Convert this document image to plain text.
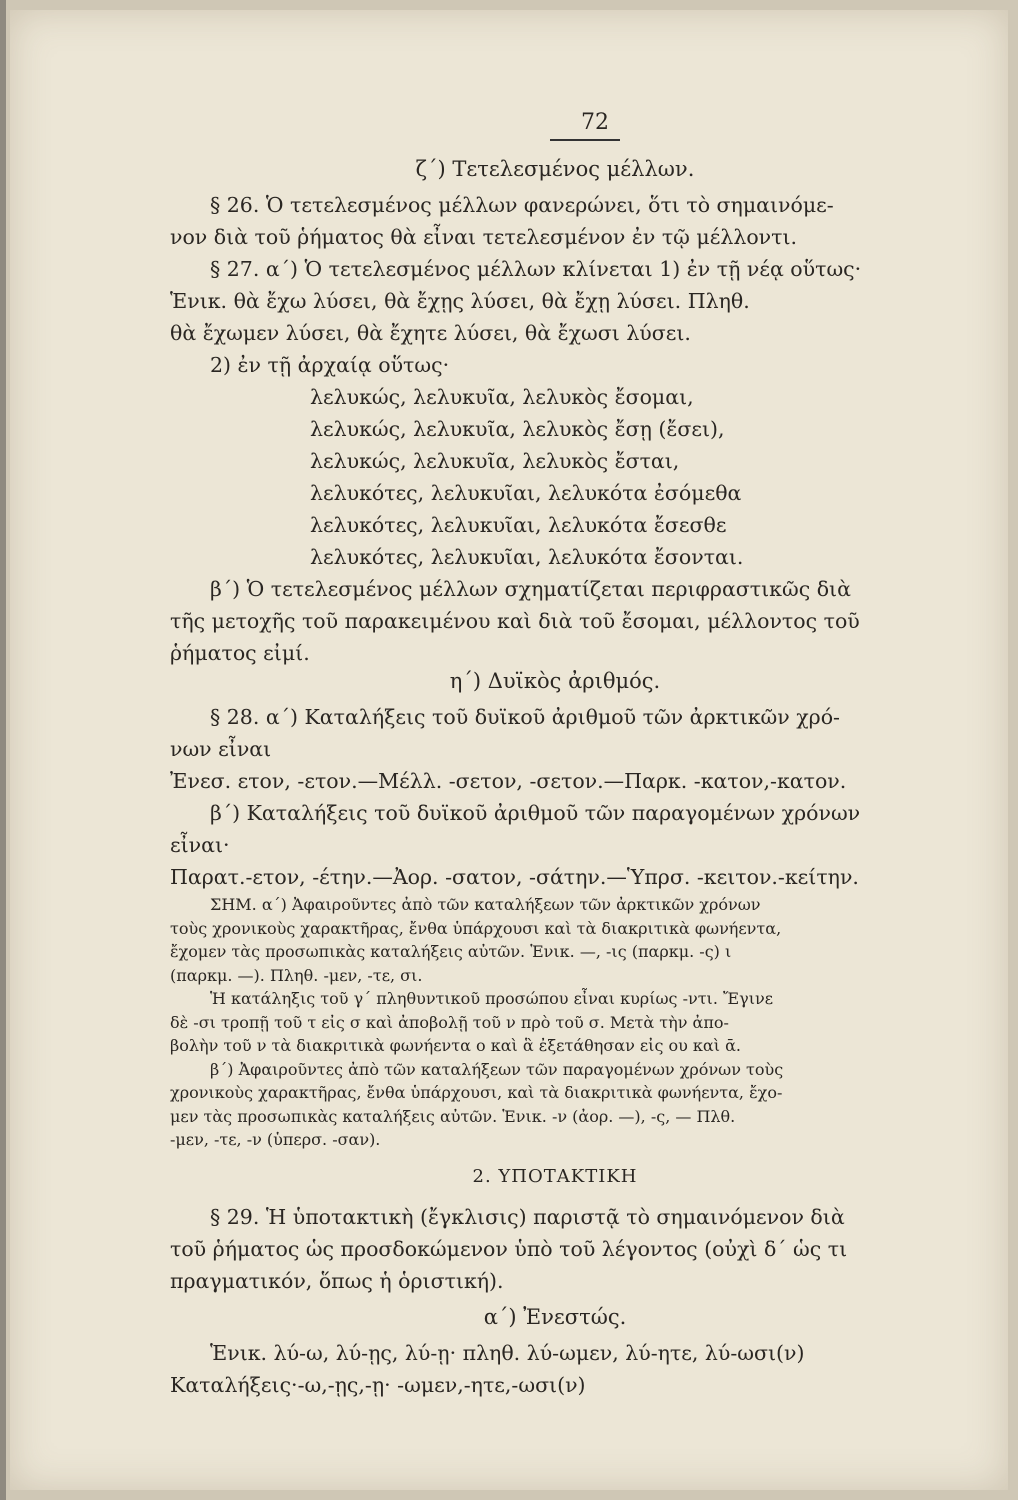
72
ζ΄) Τετελεσμένος μέλλων.
§ 26. Ὁ τετελεσμένος μέλλων φανερώνει, ὅτι τὸ σημαινόμε-
νον διὰ τοῦ ῥήματος θὰ εἶναι τετελεσμένον ἐν τῷ μέλλοντι.
§ 27. α΄) Ὁ τετελεσμένος μέλλων κλίνεται 1) ἐν τῇ νέᾳ οὕτως·
Ἑνικ. θὰ ἔχω λύσει, θὰ ἔχῃς λύσει, θὰ ἔχῃ λύσει. Πληθ.
θὰ ἔχωμεν λύσει, θὰ ἔχητε λύσει, θὰ ἔχωσι λύσει.
2) ἐν τῇ ἀρχαίᾳ οὕτως·
λελυκώς, λελυκυῖα, λελυκὸς ἔσομαι,
λελυκώς, λελυκυῖα, λελυκὸς ἔσῃ (ἔσει),
λελυκώς, λελυκυῖα, λελυκὸς ἔσται,
λελυκότες, λελυκυῖαι, λελυκότα ἐσόμεθα
λελυκότες, λελυκυῖαι, λελυκότα ἔσεσθε
λελυκότες, λελυκυῖαι, λελυκότα ἔσονται.
β΄) Ὁ τετελεσμένος μέλλων σχηματίζεται περιφραστικῶς διὰ
τῆς μετοχῆς τοῦ παρακειμένου καὶ διὰ τοῦ ἔσομαι, μέλλοντος τοῦ
ῥήματος εἰμί.
η΄) Δυϊκὸς ἀριθμός.
§ 28. α΄) Καταλήξεις τοῦ δυϊκοῦ ἀριθμοῦ τῶν ἀρκτικῶν χρό-
νων εἶναι
Ἐνεσ. ετον, -ετον.—Μέλλ. -σετον, -σετον.—Παρκ. -κατον,-κατον.
β΄) Καταλήξεις τοῦ δυϊκοῦ ἀριθμοῦ τῶν παραγομένων χρόνων
εἶναι·
Παρατ.-ετον, -έτην.—Ἀορ. -σατον, -σάτην.—Ὑπρσ. -κειτον.-κείτην.
ΣΗΜ. α΄) Ἀφαιροῦντες ἀπὸ τῶν καταλήξεων τῶν ἀρκτικῶν χρόνων
τοὺς χρονικοὺς χαρακτῆρας, ἔνθα ὑπάρχουσι καὶ τὰ διακριτικὰ φωνήεντα,
ἔχομεν τὰς προσωπικὰς καταλήξεις αὐτῶν. Ἑνικ. —, -ις (παρκμ. -ς) ι
(παρκμ. —). Πληθ. -μεν, -τε, σι.
Ἡ κατάληξις τοῦ γ΄ πληθυντικοῦ προσώπου εἶναι κυρίως -ντι. Ἔγινε
δὲ -σι τροπῇ τοῦ τ εἰς σ καὶ ἀποβολῇ τοῦ ν πρὸ τοῦ σ. Μετὰ τὴν ἀπο-
βολὴν τοῦ ν τὰ διακριτικὰ φωνήεντα ο καὶ ἃ ἐξετάθησαν εἰς ου καὶ ᾱ.
β΄) Ἀφαιροῦντες ἀπὸ τῶν καταλήξεων τῶν παραγομένων χρόνων τοὺς
χρονικοὺς χαρακτῆρας, ἔνθα ὑπάρχουσι, καὶ τὰ διακριτικὰ φωνήεντα, ἔχο-
μεν τὰς προσωπικὰς καταλήξεις αὐτῶν. Ἑνικ. -ν (ἀορ. —), -ς, — Πλθ.
-μεν, -τε, -ν (ὑπερσ. -σαν).
2. ΥΠΟΤΑΚΤΙΚΗ
§ 29. Ἡ ὑποτακτικὴ (ἔγκλισις) παριστᾷ τὸ σημαινόμενον διὰ
τοῦ ῥήματος ὡς προσδοκώμενον ὑπὸ τοῦ λέγοντος (οὐχὶ δ΄ ὡς τι
πραγματικόν, ὅπως ἡ ὁριστική).
α΄) Ἐνεστώς.
Ἑνικ. λύ-ω, λύ-ῃς, λύ-ῃ· πληθ. λύ-ωμεν, λύ-ητε, λύ-ωσι(ν)
Καταλήξεις·-ω,-ῃς,-ῃ· -ωμεν,-ητε,-ωσι(ν)
